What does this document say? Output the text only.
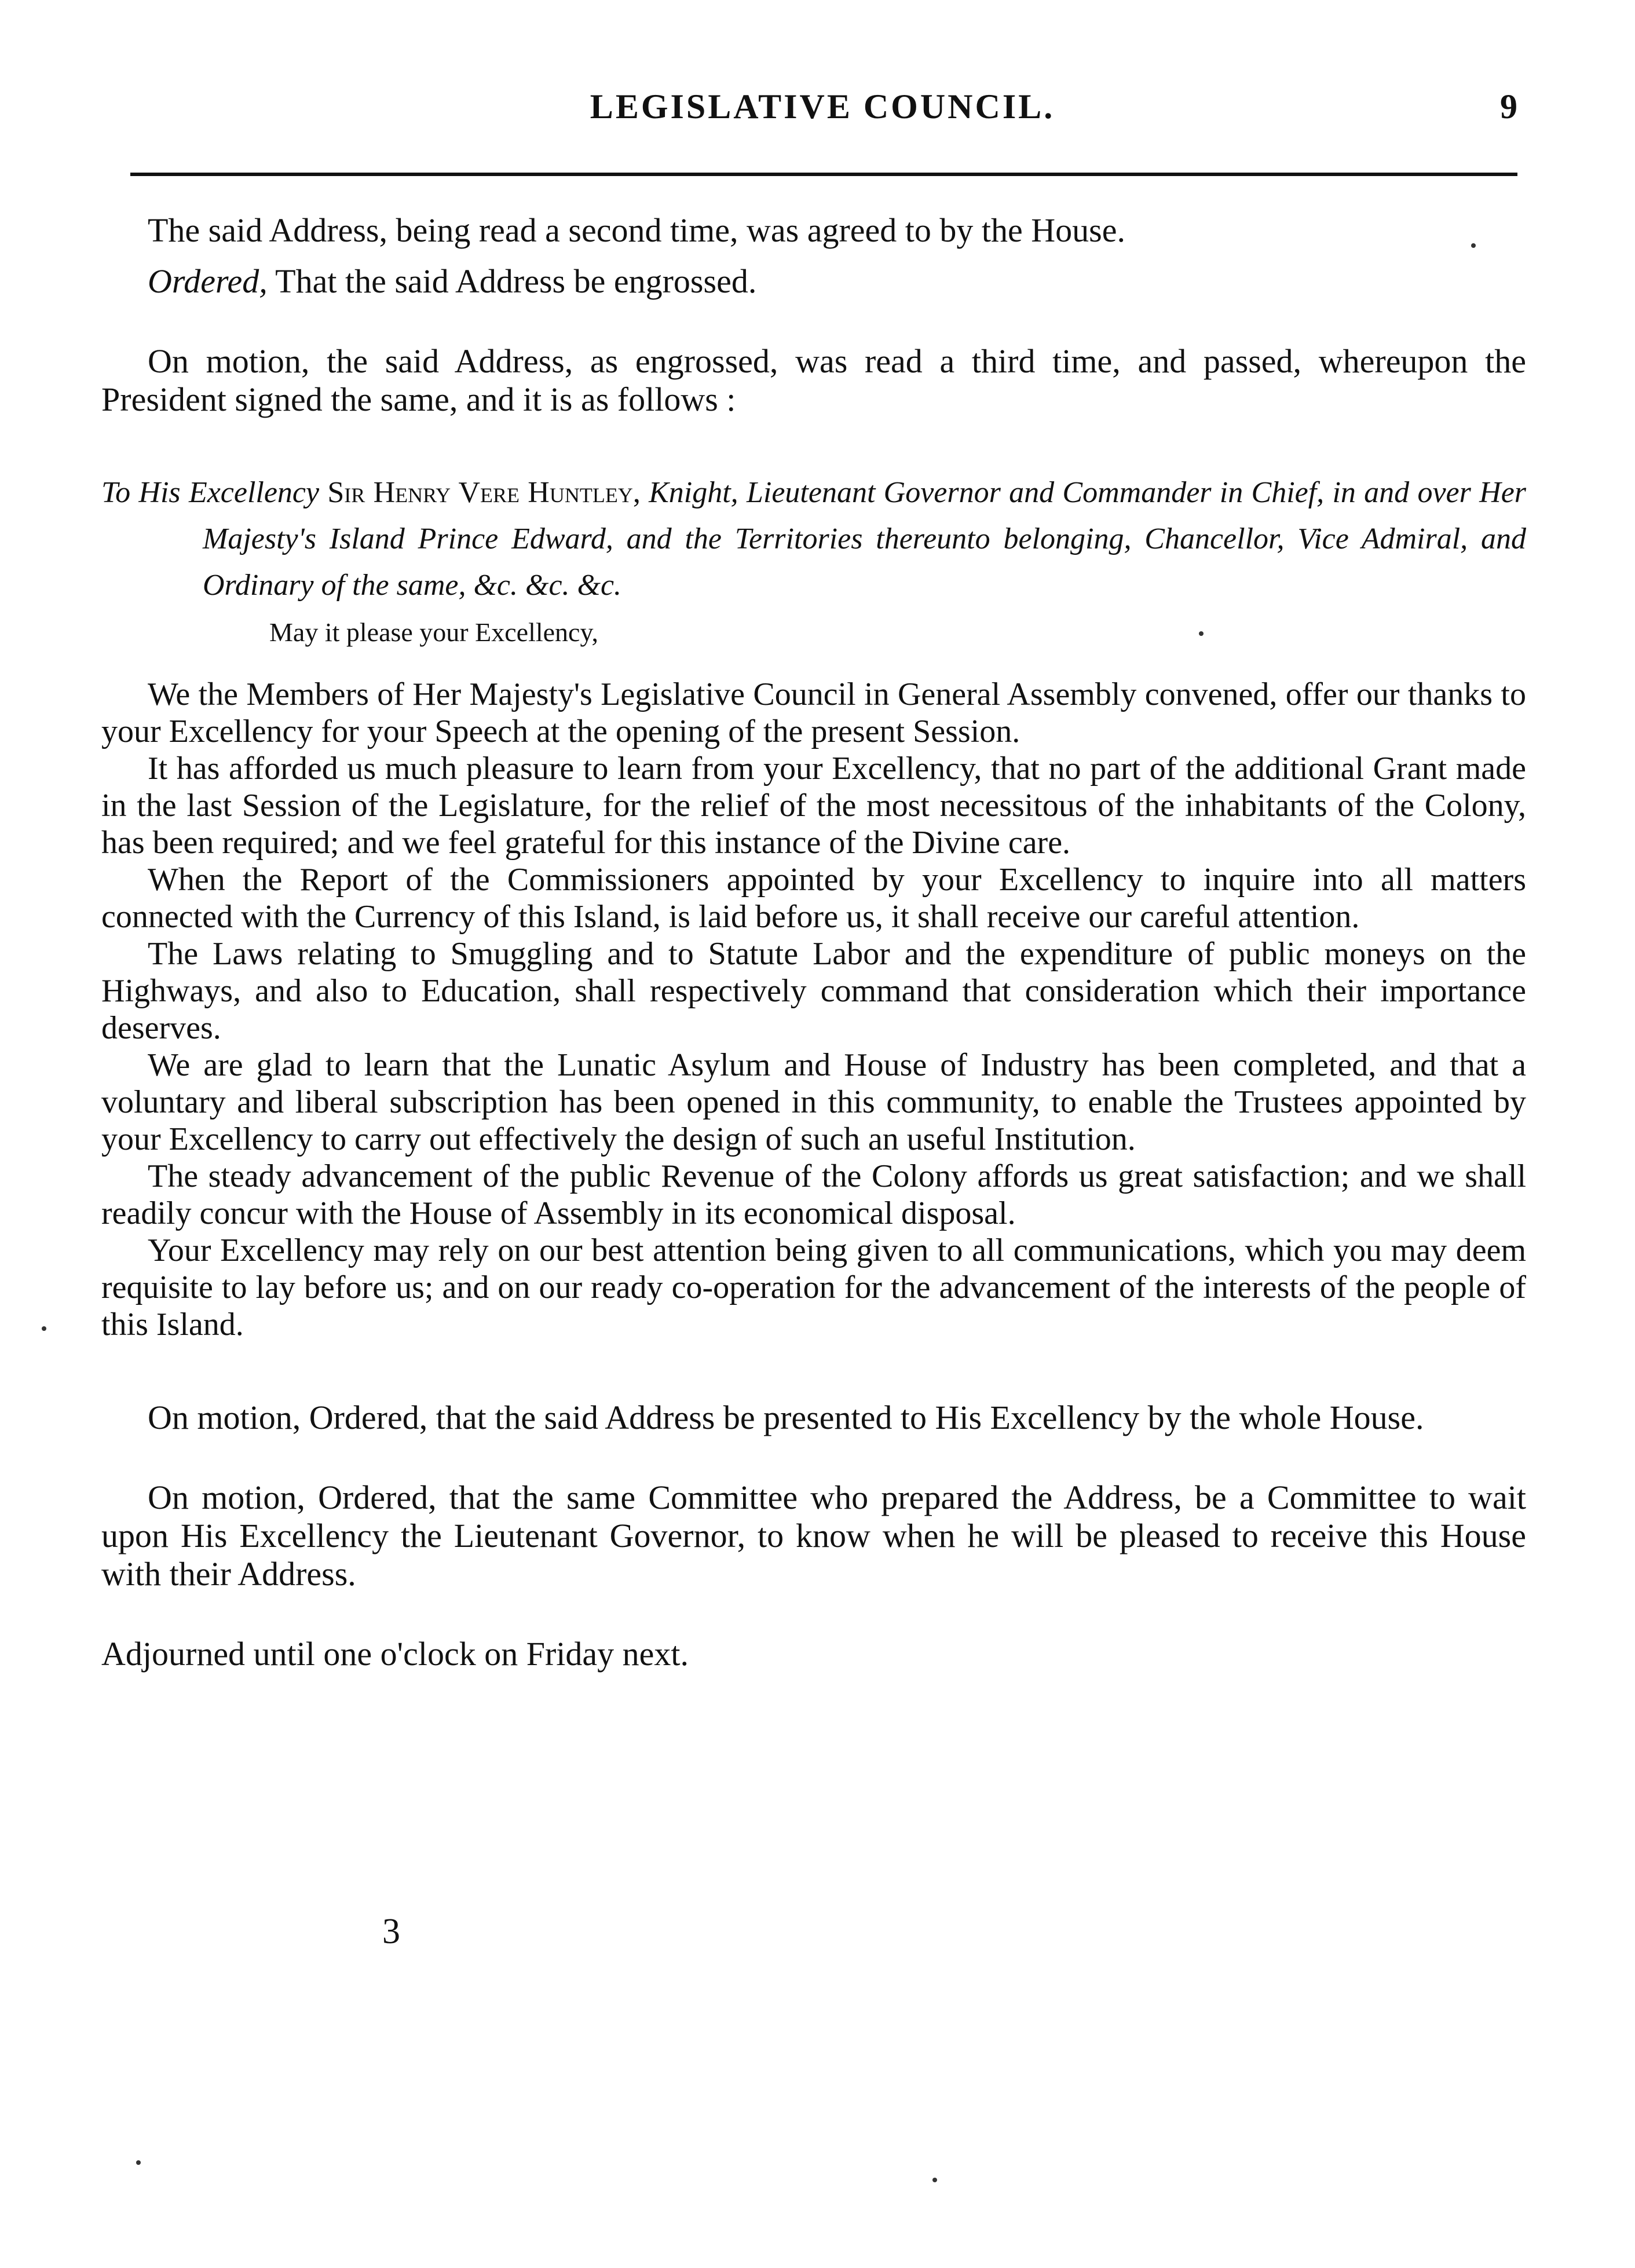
LEGISLATIVE COUNCIL.	9

The said Address, being read a second time, was agreed to by the House.

Ordered, That the said Address be engrossed.

On motion, the said Address, as engrossed, was read a third time, and passed, whereupon the President signed the same, and it is as follows :

To His Excellency Sir Henry Vere Huntley, Knight, Lieutenant Governor and Commander in Chief, in and over Her Majesty's Island Prince Edward, and the Territories thereunto belonging, Chancellor, Vice Admiral, and Ordinary of the same, &c. &c. &c.

May it please your Excellency,

We the Members of Her Majesty's Legislative Council in General Assembly convened, offer our thanks to your Excellency for your Speech at the opening of the present Session.

It has afforded us much pleasure to learn from your Excellency, that no part of the additional Grant made in the last Session of the Legislature, for the relief of the most necessitous of the inhabitants of the Colony, has been required; and we feel grateful for this instance of the Divine care.

When the Report of the Commissioners appointed by your Excellency to inquire into all matters connected with the Currency of this Island, is laid before us, it shall receive our careful attention.

The Laws relating to Smuggling and to Statute Labor and the expenditure of public moneys on the Highways, and also to Education, shall respectively command that consideration which their importance deserves.

We are glad to learn that the Lunatic Asylum and House of Industry has been completed, and that a voluntary and liberal subscription has been opened in this community, to enable the Trustees appointed by your Excellency to carry out effectively the design of such an useful Institution.

The steady advancement of the public Revenue of the Colony affords us great satisfaction; and we shall readily concur with the House of Assembly in its economical disposal.

Your Excellency may rely on our best attention being given to all communications, which you may deem requisite to lay before us; and on our ready co-operation for the advancement of the interests of the people of this Island.

On motion, Ordered, that the said Address be presented to His Excellency by the whole House.

On motion, Ordered, that the same Committee who prepared the Address, be a Committee to wait upon His Excellency the Lieutenant Governor, to know when he will be pleased to receive this House with their Address.

Adjourned until one o'clock on Friday next.

3
